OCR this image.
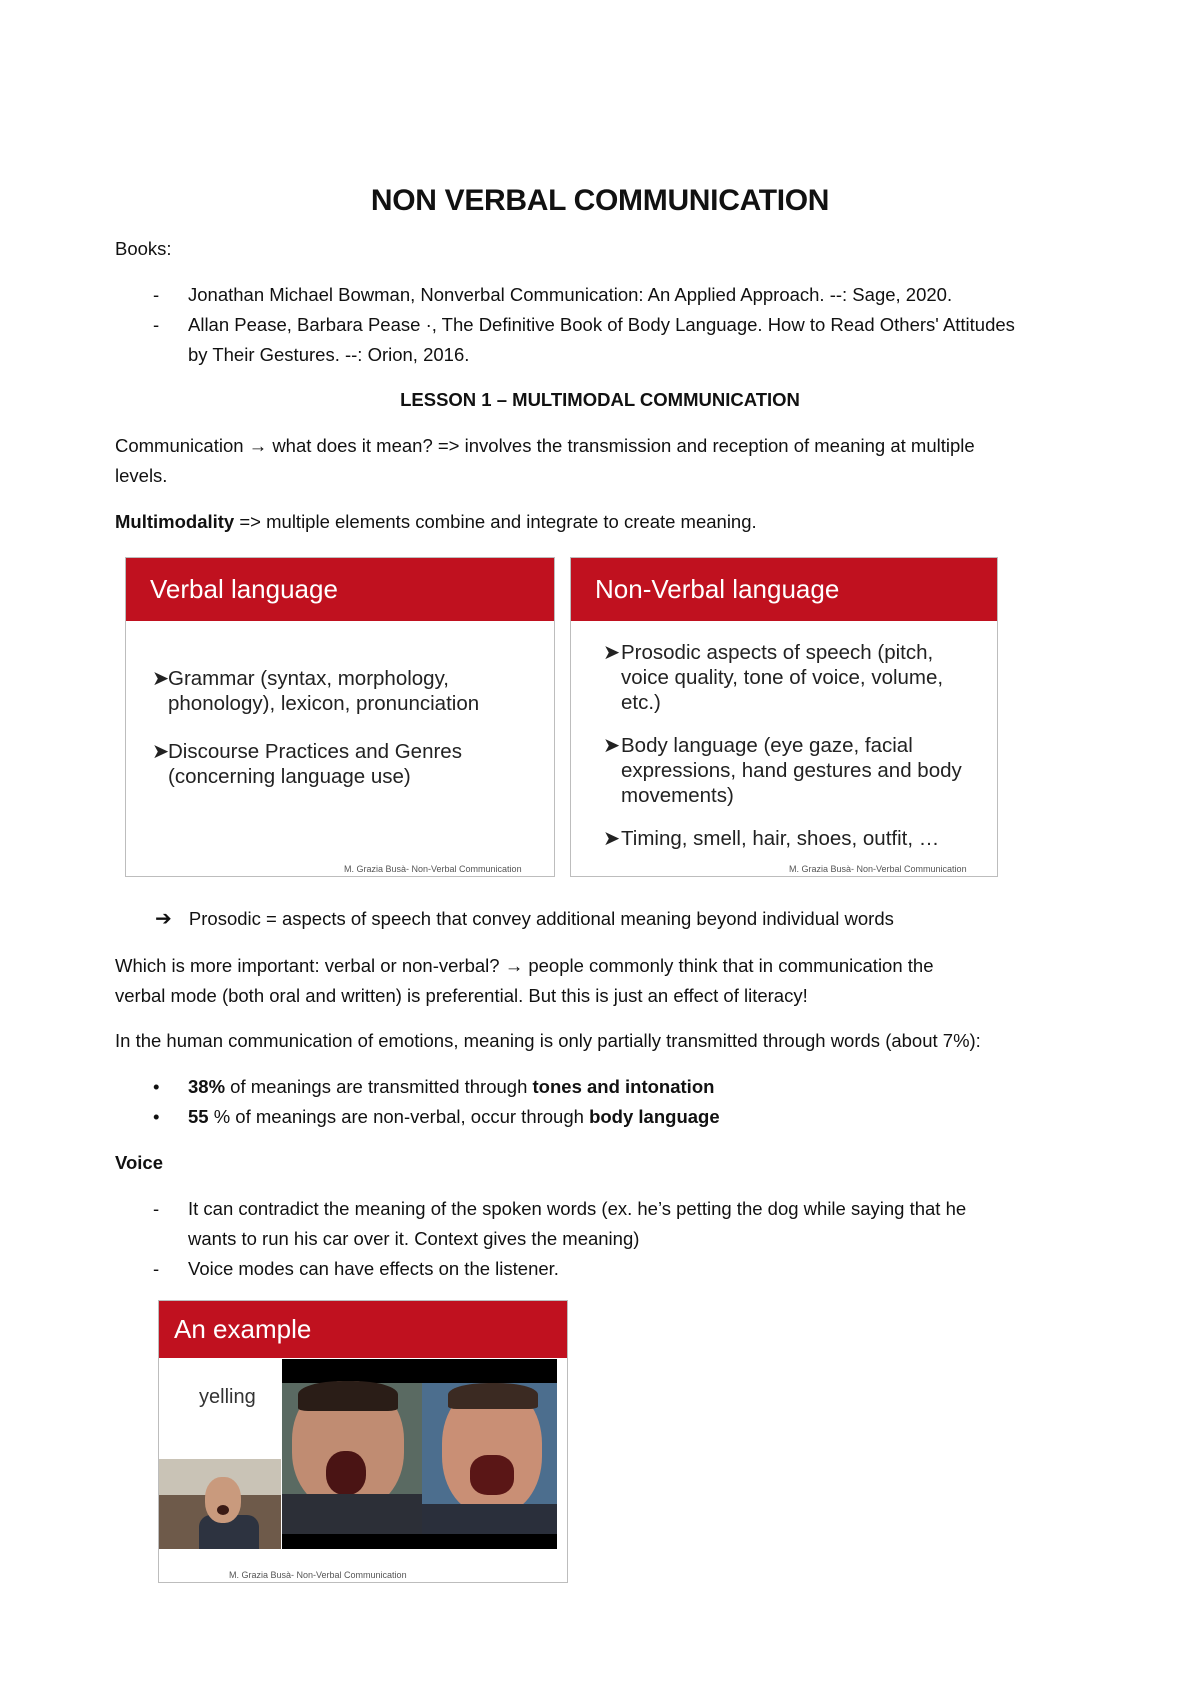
NON VERBAL COMMUNICATION
Books:
- Jonathan Michael Bowman, Nonverbal Communication: An Applied Approach. --: Sage, 2020.
- Allan Pease, Barbara Pease ·, The Definitive Book of Body Language. How to Read Others' Attitudes
by Their Gestures. --: Orion, 2016.
LESSON 1 – MULTIMODAL COMMUNICATION
Communication → what does it mean? => involves the transmission and reception of meaning at multiple
levels.
Multimodality => multiple elements combine and integrate to create meaning.
Verbal language
➤
Grammar (syntax, morphology,
phonology), lexicon, pronunciation
➤
Discourse Practices and Genres
(concerning language use)
M. Grazia Busà- Non-Verbal Communication
Non-Verbal language
➤ Prosodic aspects of speech (pitch,
voice quality, tone of voice, volume,
etc.)
➤ Body language (eye gaze, facial
expressions, hand gestures and body
movements)
➤ Timing, smell, hair, shoes, outfit, …
M. Grazia Busà- Non-Verbal Communication
➔ Prosodic = aspects of speech that convey additional meaning beyond individual words
Which is more important: verbal or non-verbal? → people commonly think that in communication the
verbal mode (both oral and written) is preferential. But this is just an effect of literacy!
In the human communication of emotions, meaning is only partially transmitted through words (about 7%):
• 38% of meanings are transmitted through tones and intonation
• 55 % of meanings are non-verbal, occur through body language
Voice
- It can contradict the meaning of the spoken words (ex. he’s petting the dog while saying that he
wants to run his car over it. Context gives the meaning)
- Voice modes can have effects on the listener.
An example
yelling
M. Grazia Busà- Non-Verbal Communication
